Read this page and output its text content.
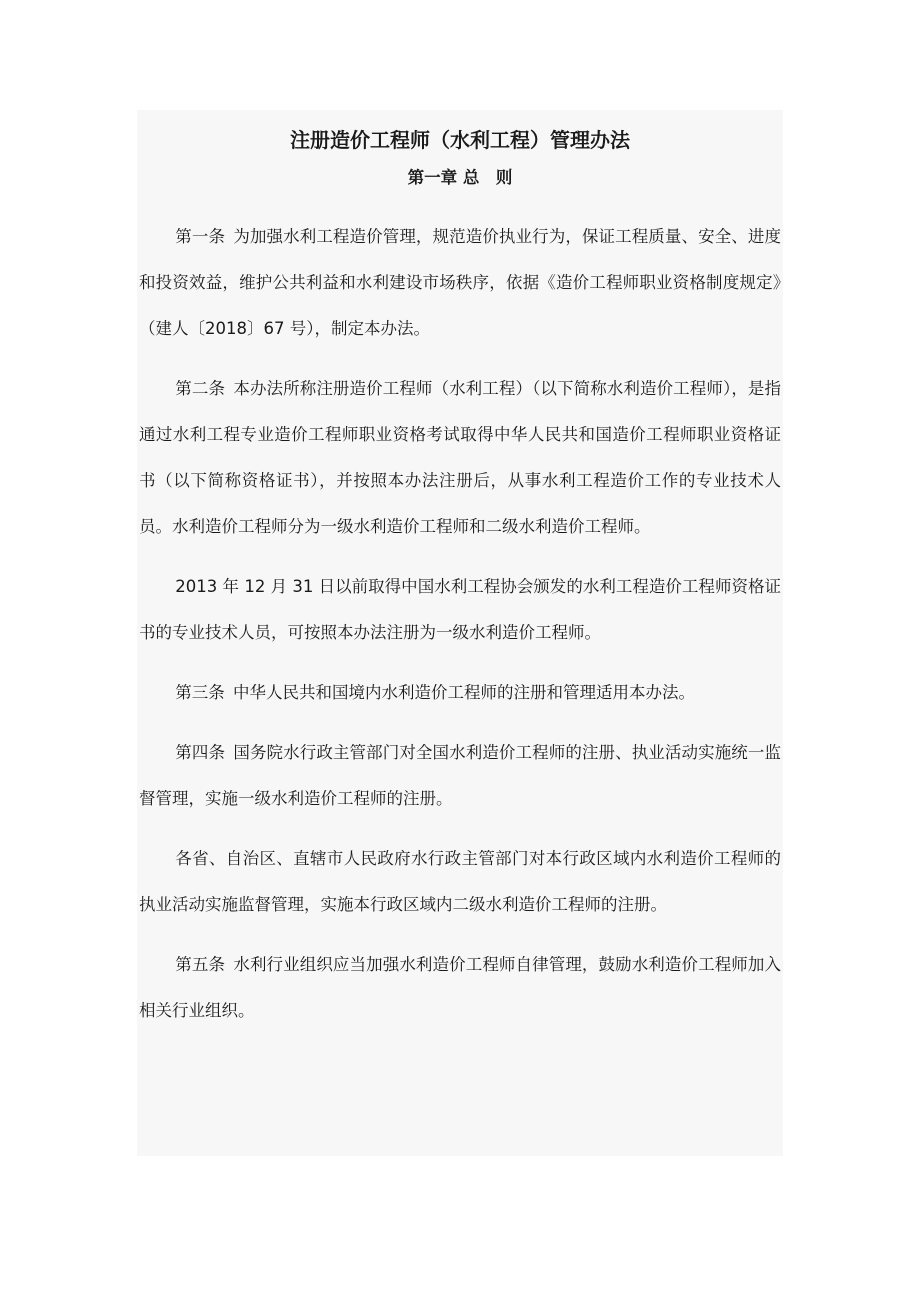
注册造价工程师（水利工程）管理办法
第一章 总　则

第一条 为加强水利工程造价管理，规范造价执业行为，保证工程质量、安全、进度和投资效益，维护公共利益和水利建设市场秩序，依据《造价工程师职业资格制度规定》（建人〔2018〕67 号），制定本办法。

第二条 本办法所称注册造价工程师（水利工程）（以下简称水利造价工程师），是指通过水利工程专业造价工程师职业资格考试取得中华人民共和国造价工程师职业资格证书（以下简称资格证书），并按照本办法注册后，从事水利工程造价工作的专业技术人员。水利造价工程师分为一级水利造价工程师和二级水利造价工程师。

2013 年 12 月 31 日以前取得中国水利工程协会颁发的水利工程造价工程师资格证书的专业技术人员，可按照本办法注册为一级水利造价工程师。

第三条 中华人民共和国境内水利造价工程师的注册和管理适用本办法。

第四条 国务院水行政主管部门对全国水利造价工程师的注册、执业活动实施统一监督管理，实施一级水利造价工程师的注册。

各省、自治区、直辖市人民政府水行政主管部门对本行政区域内水利造价工程师的执业活动实施监督管理，实施本行政区域内二级水利造价工程师的注册。

第五条 水利行业组织应当加强水利造价工程师自律管理，鼓励水利造价工程师加入相关行业组织。
